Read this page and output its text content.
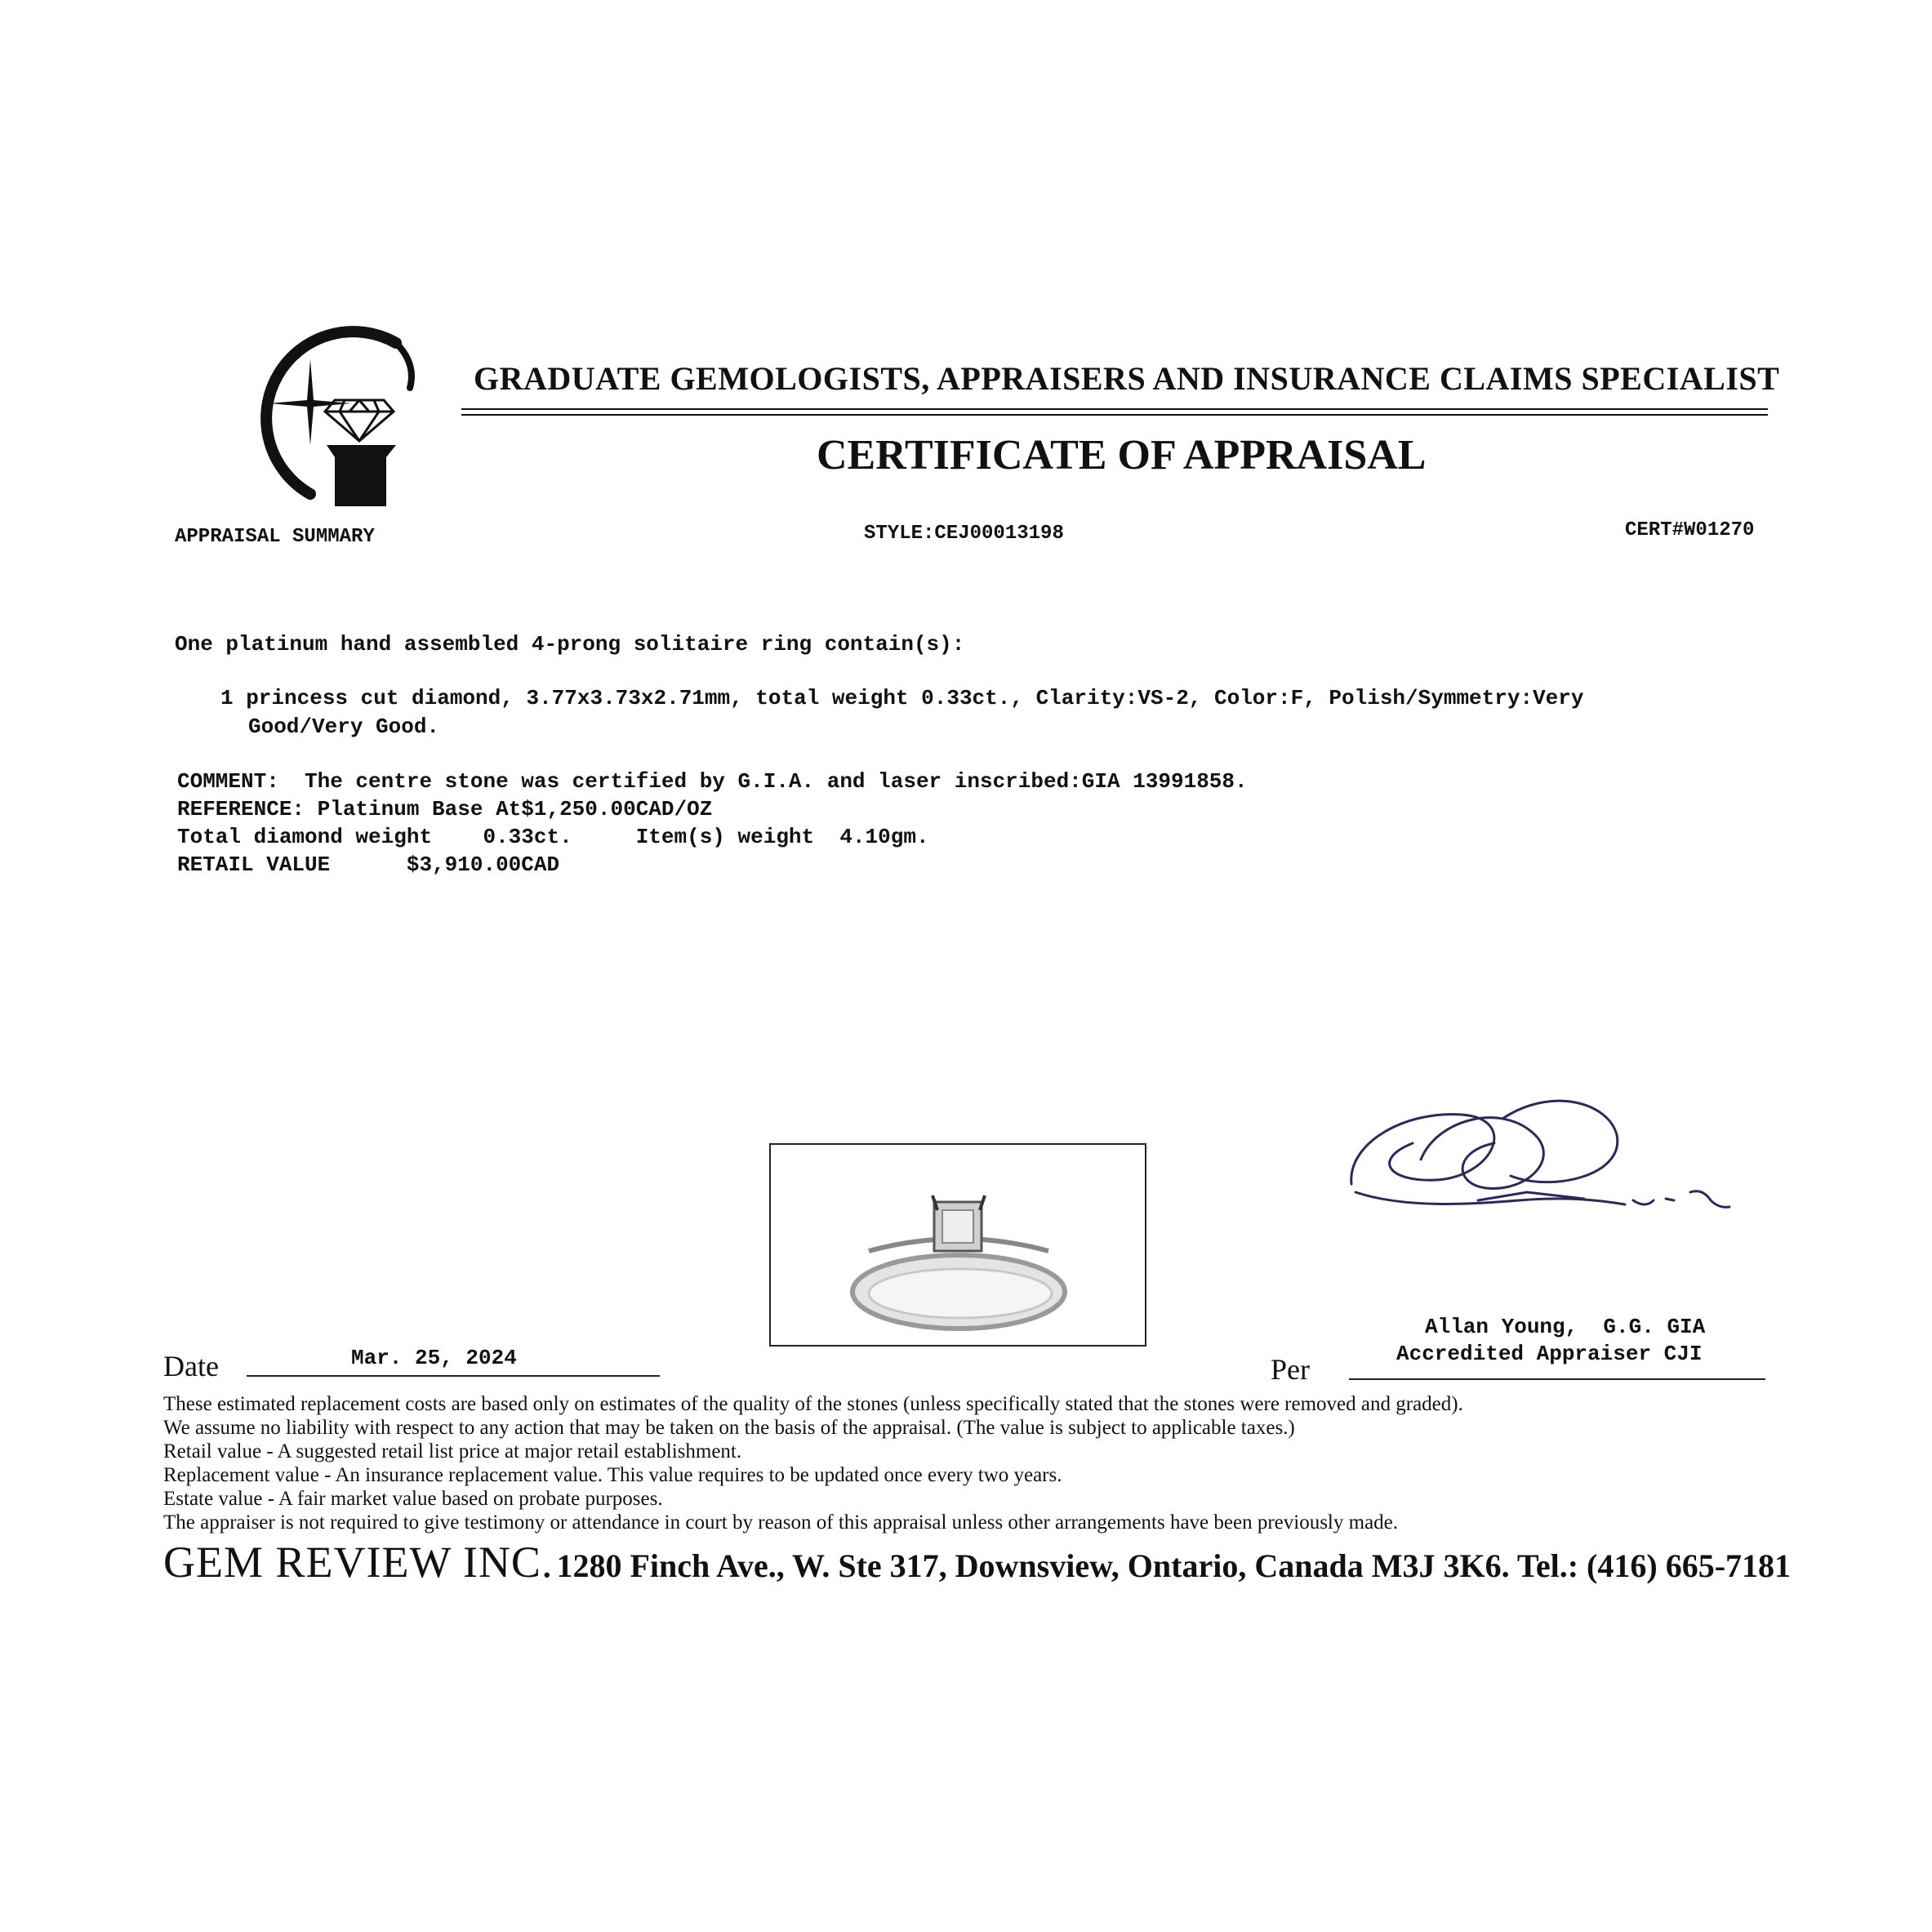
GRADUATE GEMOLOGISTS, APPRAISERS AND INSURANCE CLAIMS SPECIALIST
CERTIFICATE OF APPRAISAL
APPRAISAL SUMMARY	STYLE:CEJ00013198	CERT#W01270
One platinum hand assembled 4-prong solitaire ring contain(s):
1 princess cut diamond, 3.77x3.73x2.71mm, total weight 0.33ct., Clarity:VS-2, Color:F, Polish/Symmetry:Very
Good/Very Good.
COMMENT:  The centre stone was certified by G.I.A. and laser inscribed:GIA 13991858.
REFERENCE: Platinum Base At$1,250.00CAD/OZ
Total diamond weight    0.33ct.     Item(s) weight  4.10gm.
RETAIL VALUE      $3,910.00CAD
Allan Young,  G.G. GIA
Accredited Appraiser CJI
Date	Mar. 25, 2024	Per
These estimated replacement costs are based only on estimates of the quality of the stones (unless specifically stated that the stones were removed and graded).
We assume no liability with respect to any action that may be taken on the basis of the appraisal. (The value is subject to applicable taxes.)
Retail value - A suggested retail list price at major retail establishment.
Replacement value - An insurance replacement value. This value requires to be updated once every two years.
Estate value - A fair market value based on probate purposes.
The appraiser is not required to give testimony or attendance in court by reason of this appraisal unless other arrangements have been previously made.
GEM REVIEW INC. 1280 Finch Ave., W. Ste 317, Downsview, Ontario, Canada M3J 3K6. Tel.: (416) 665-7181
